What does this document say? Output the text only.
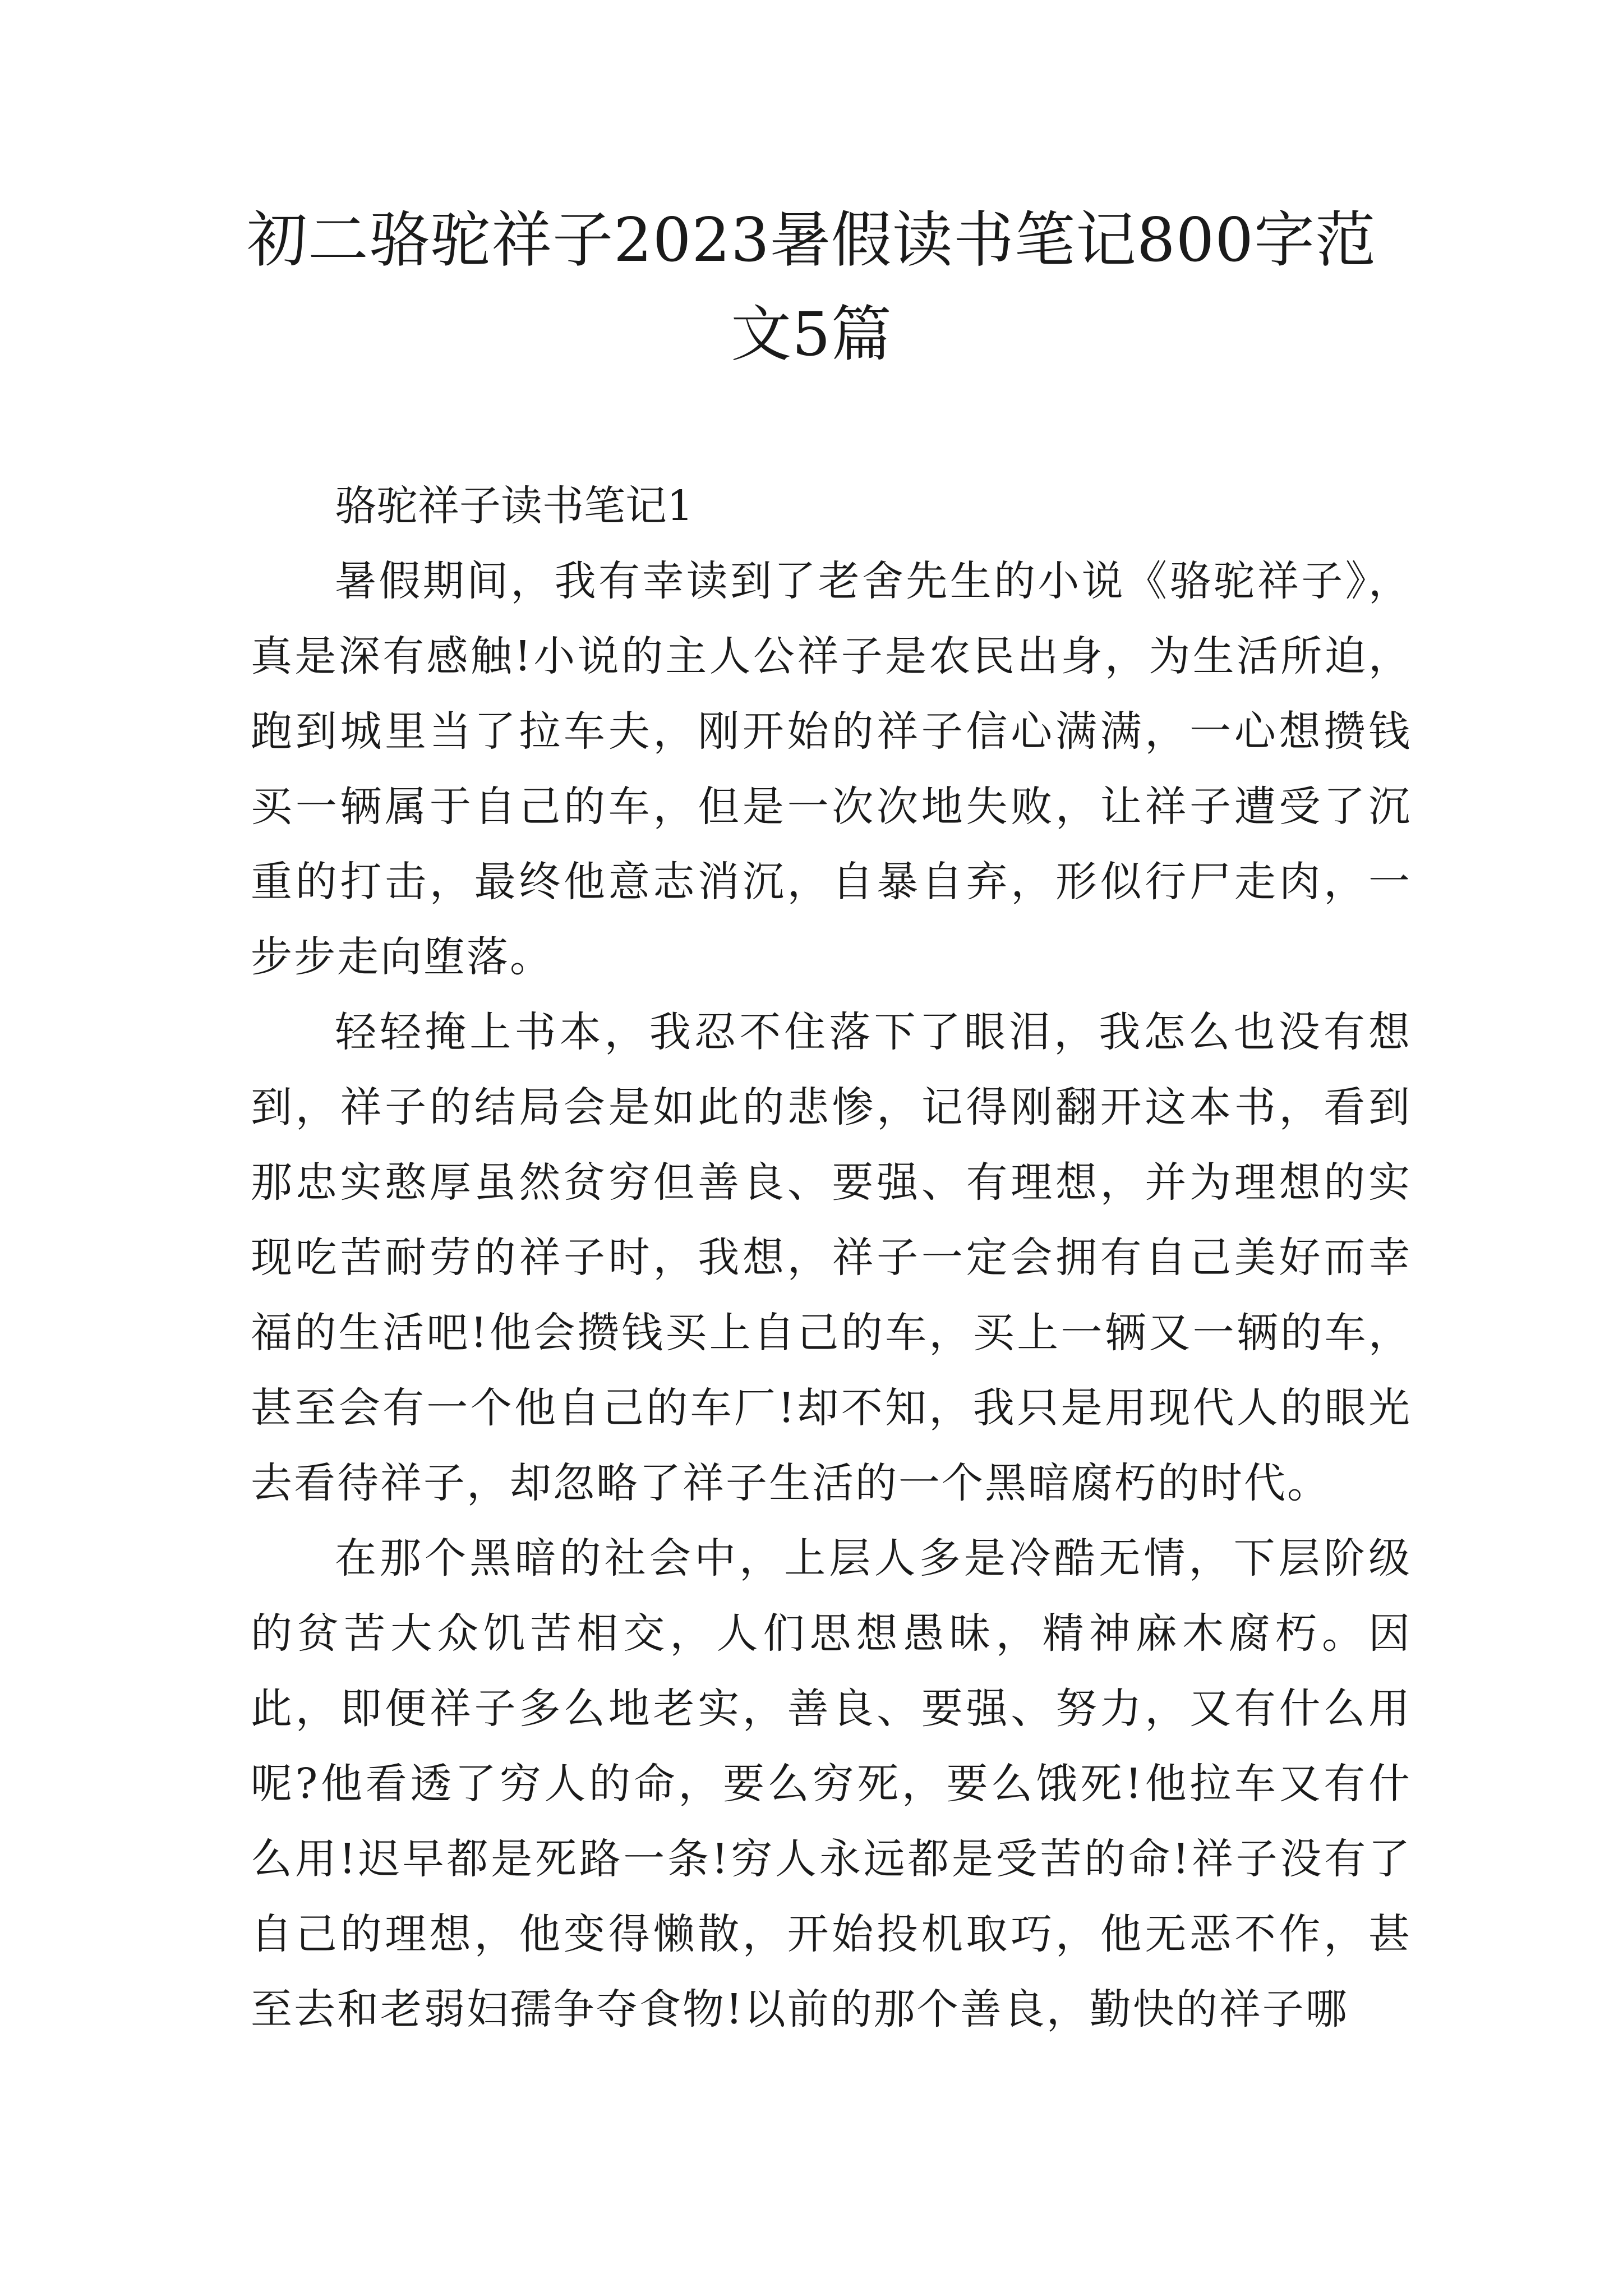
初二骆驼祥子2023暑假读书笔记800字范文5篇

骆驼祥子读书笔记1

暑假期间，我有幸读到了老舍先生的小说《骆驼祥子》，真是深有感触!小说的主人公祥子是农民出身，为生活所迫，跑到城里当了拉车夫，刚开始的祥子信心满满，一心想攒钱买一辆属于自己的车，但是一次次地失败，让祥子遭受了沉重的打击，最终他意志消沉，自暴自弃，形似行尸走肉，一步步走向堕落。

轻轻掩上书本，我忍不住落下了眼泪，我怎么也没有想到，祥子的结局会是如此的悲惨，记得刚翻开这本书，看到那忠实憨厚虽然贫穷但善良、要强、有理想，并为理想的实现吃苦耐劳的祥子时，我想，祥子一定会拥有自己美好而幸福的生活吧!他会攒钱买上自己的车，买上一辆又一辆的车，甚至会有一个他自己的车厂!却不知，我只是用现代人的眼光去看待祥子，却忽略了祥子生活的一个黑暗腐朽的时代。

在那个黑暗的社会中，上层人多是冷酷无情，下层阶级的贫苦大众饥苦相交，人们思想愚昧，精神麻木腐朽。因此，即便祥子多么地老实，善良、要强、努力，又有什么用呢?他看透了穷人的命，要么穷死，要么饿死!他拉车又有什么用!迟早都是死路一条!穷人永远都是受苦的命!祥子没有了自己的理想，他变得懒散，开始投机取巧，他无恶不作，甚至去和老弱妇孺争夺食物!以前的那个善良，勤快的祥子哪
